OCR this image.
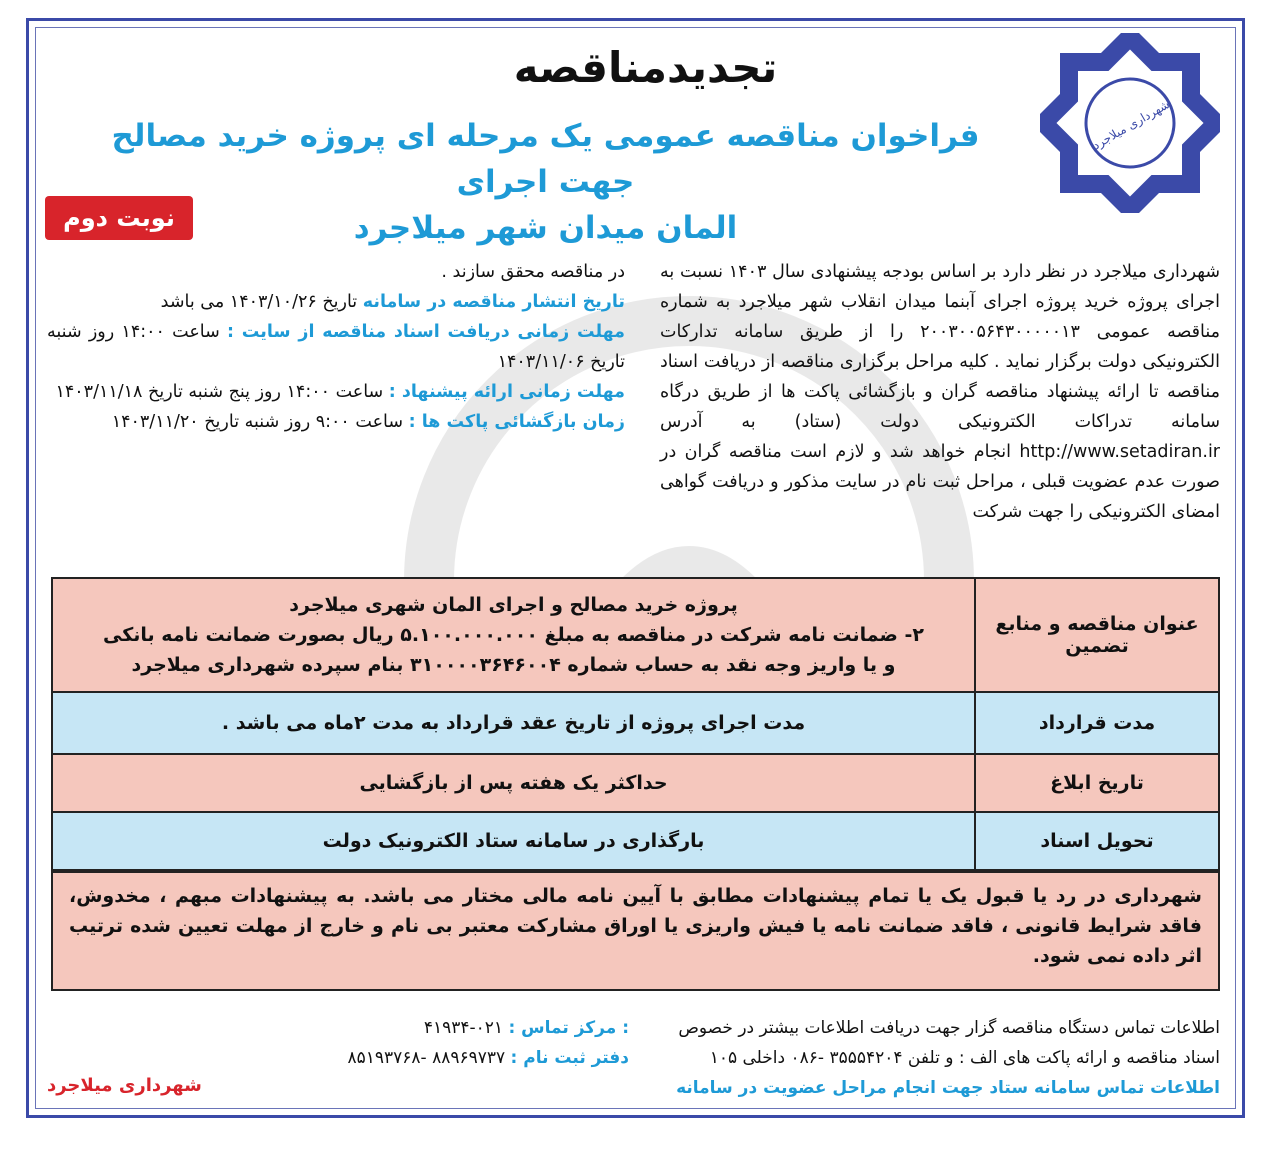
شهرداری میلاجرد
تجدیدمناقصه
فراخوان مناقصه عمومی یک مرحله ای پروژه خرید مصالح جهت اجرای
المان میدان شهر میلاجرد
نوبت دوم
شهرداری میلاجرد در نظر دارد بر اساس بودجه پیشنهادی سال ۱۴۰۳ نسبت به اجرای پروژه خرید پروژه اجرای آبنما میدان انقلاب شهر میلاجرد به شماره مناقصه عمومی ۲۰۰۳۰۰۵۶۴۳۰۰۰۰۰۱۳ را از طریق سامانه تدارکات الکترونیکی دولت برگزار نماید . کلیه مراحل برگزاری مناقصه از دریافت اسناد مناقصه تا ارائه پیشنهاد مناقصه گران و بازگشائی پاکت ها از طریق درگاه سامانه تدراکات الکترونیکی دولت (ستاد) به آدرس http://www.setadiran.ir انجام خواهد شد و لازم است مناقصه گران در صورت عدم عضویت قبلی ، مراحل ثبت نام در سایت مذکور و دریافت گواهی امضای الکترونیکی را جهت شرکت
در مناقصه محقق سازند .
تاریخ انتشار مناقصه در سامانه تاریخ ۱۴۰۳/۱۰/۲۶ می باشد
مهلت زمانی دریافت اسناد مناقصه از سایت : ساعت ۱۴:۰۰ روز شنبه تاریخ ۱۴۰۳/۱۱/۰۶
مهلت زمانی ارائه پیشنهاد : ساعت ۱۴:۰۰ روز پنج شنبه تاریخ ۱۴۰۳/۱۱/۱۸
زمان بازگشائی پاکت ها : ساعت ۹:۰۰ روز شنبه تاریخ ۱۴۰۳/۱۱/۲۰
عنوان مناقصه و منابع تضمین
پروژه خرید مصالح و اجرای المان شهری میلاجرد
۲- ضمانت نامه شرکت در مناقصه به مبلغ ۵.۱۰۰.۰۰۰.۰۰۰ ریال بصورت ضمانت نامه بانکی
و یا واریز وجه نقد به حساب شماره ۳۱۰۰۰۰۳۶۴۶۰۰۴ بنام سپرده شهرداری میلاجرد
مدت قرارداد
مدت اجرای پروژه از تاریخ عقد قرارداد به مدت ۲ماه می باشد .
تاریخ ابلاغ
حداکثر یک هفته پس از بازگشایی
تحویل اسناد
بارگذاری در سامانه ستاد الکترونیک دولت
شهرداری در رد یا قبول یک یا تمام پیشنهادات مطابق با آیین نامه مالی مختار می باشد. به پیشنهادات مبهم ، مخدوش، فاقد شرایط قانونی ، فاقد ضمانت نامه یا فیش واریزی یا اوراق مشارکت معتبر بی نام و خارج از مهلت تعیین شده ترتیب اثر داده نمی شود.
اطلاعات تماس دستگاه مناقصه گزار جهت دریافت اطلاعات بیشتر در خصوص
اسناد مناقصه و ارائه پاکت های الف : و تلفن ۳۵۵۵۴۲۰۴ -۰۸۶ داخلی ۱۰۵
اطلاعات تماس سامانه ستاد جهت انجام مراحل عضویت در سامانه
: مرکز تماس : ۰۲۱-۴۱۹۳۴
دفتر ثبت نام : ۸۸۹۶۹۷۳۷ -۸۵۱۹۳۷۶۸
شهرداری میلاجرد
